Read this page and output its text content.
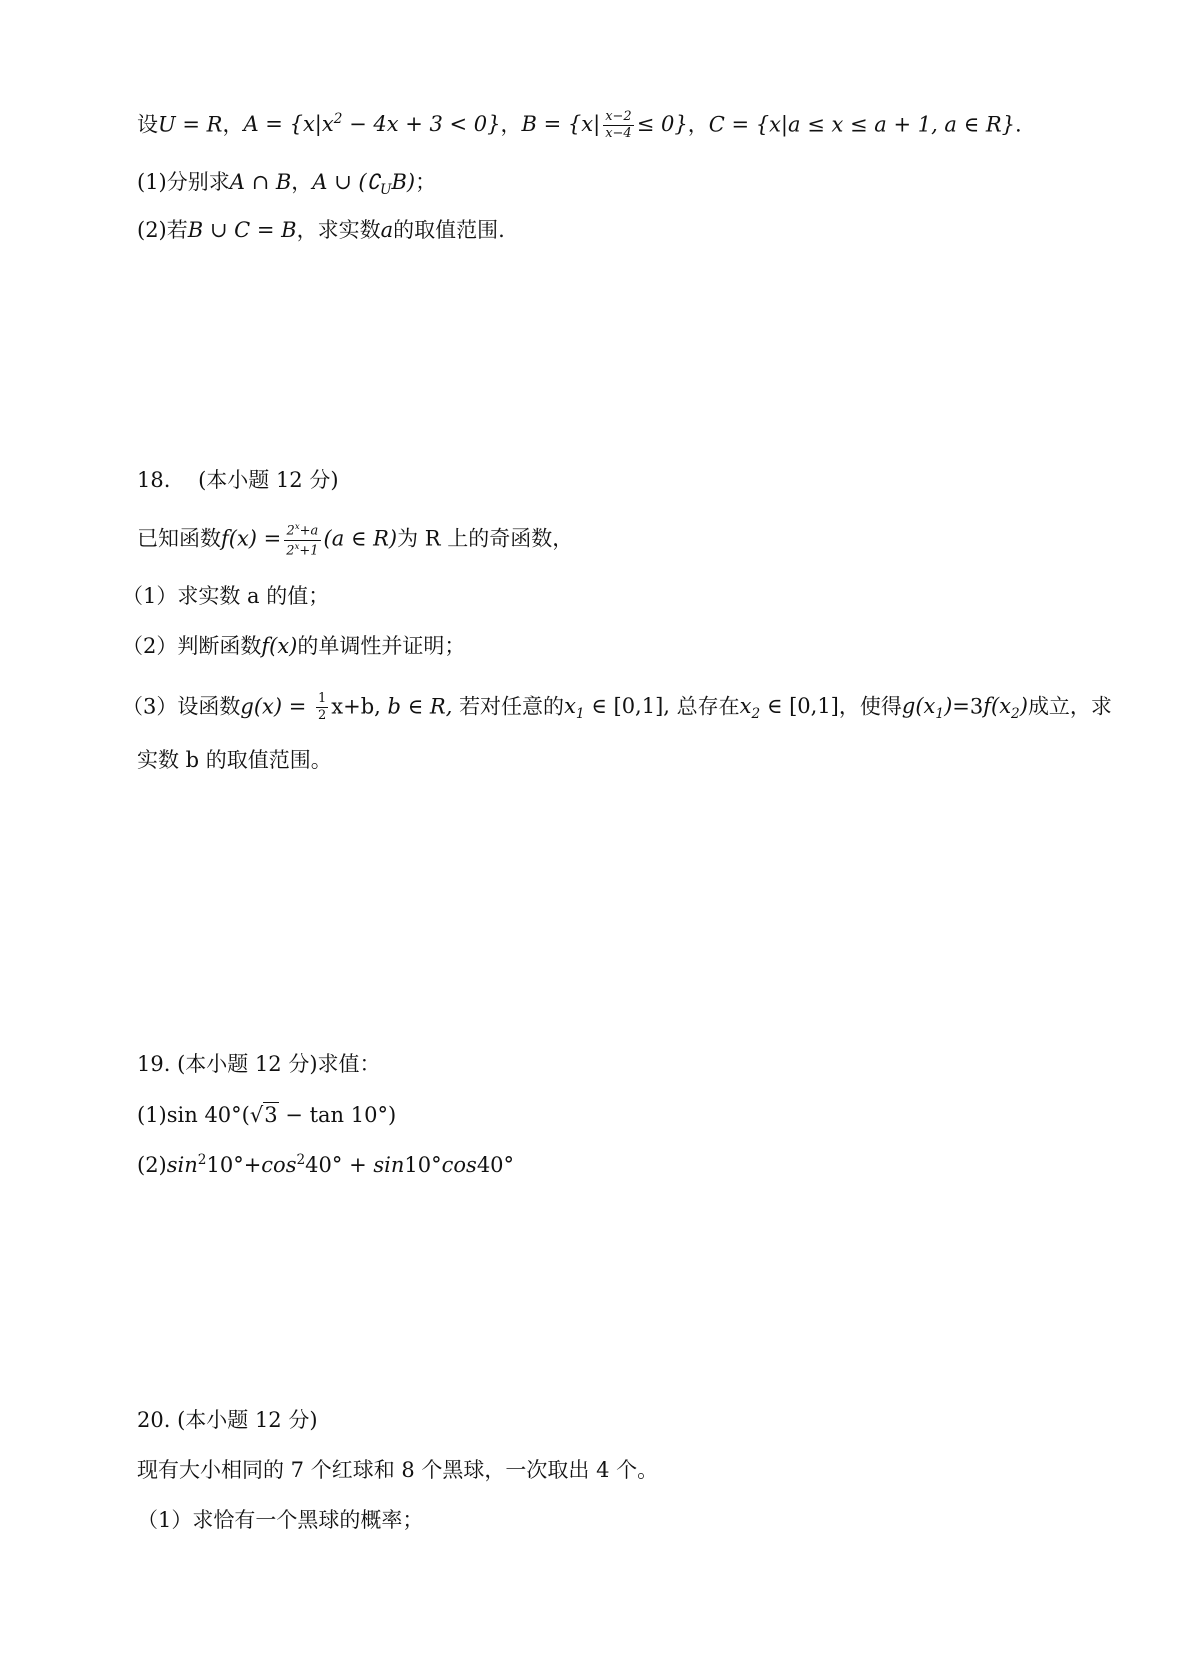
设U = R，$A = \{x|x^2 - 4x + 3 < 0\}$，$B = \{x| \frac{x-2}{x-4} \le 0\}$，C = {x|a ≤ x ≤ a + 1, a ∈ R}.
(1)分别求A ∩ B，A ∪ $(∁_UB)$；
(2)若B ∪ C = B，求实数a的取值范围.
18.　 (本小题 12 分)
已知函数$f(x) = \frac{2^x+a}{2^x+1} (a$ ∈ R)为 R 上的奇函数，
（1）求实数 a 的值；
（2）判断函数f(x)的单调性并证明；
（3）设函数$g(x) = \frac{1}{2} x+b$, b ∈ R, 若对任意的$x_1$ ∈ [0,1], 总存在$x_2$ ∈ [0,1]，使得$g(x_1)=3f(x_2)$成立，求
实数 b 的取值范围。
19. (本小题 12 分)求值：
(1)sin 40°(√3 − tan 10°)
$(2)\sin^210^\circ+\cos^240^\circ + \sin 10^\circ\cos 40^\circ$
20. (本小题 12 分)
现有大小相同的 7 个红球和 8 个黑球，一次取出 4 个。
（1）求恰有一个黑球的概率；
